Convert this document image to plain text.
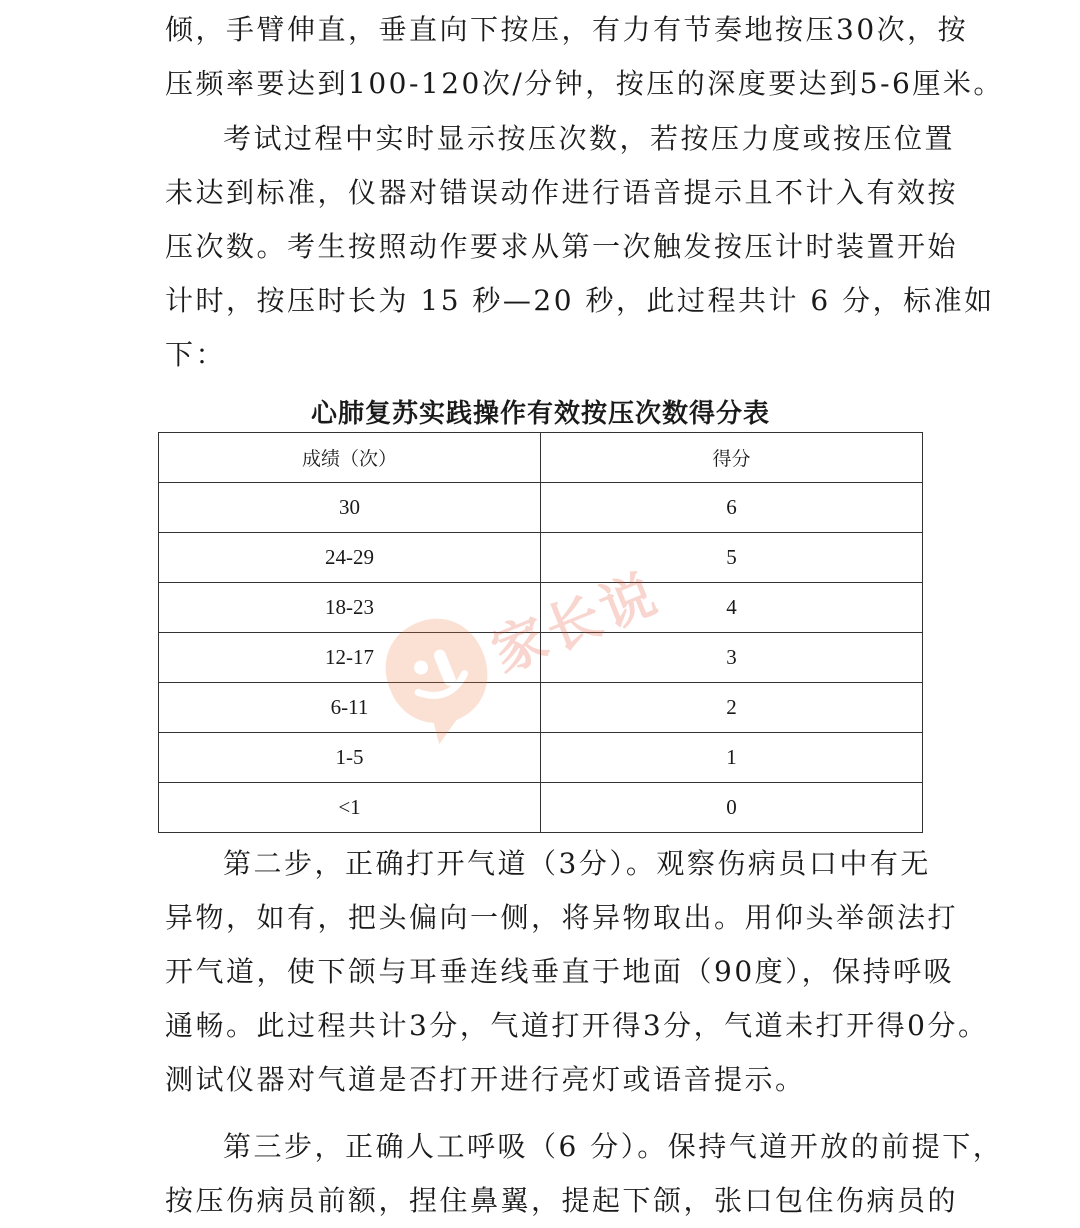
倾，手臂伸直，垂直向下按压，有力有节奏地按压30次，按
压频率要达到100-120次/分钟，按压的深度要达到5-6厘米。
考试过程中实时显示按压次数，若按压力度或按压位置
未达到标准，仪器对错误动作进行语音提示且不计入有效按
压次数。考生按照动作要求从第一次触发按压计时装置开始
计时，按压时长为 15 秒—20 秒，此过程共计 6 分，标准如
下：
心肺复苏实践操作有效按压次数得分表
成绩（次）	得分
30	6
24-29	5
18-23	4
12-17	3
6-11	2
1-5	1
<1	0
第二步，正确打开气道（3分）。观察伤病员口中有无
异物，如有，把头偏向一侧，将异物取出。用仰头举颌法打
开气道，使下颌与耳垂连线垂直于地面（90度），保持呼吸
通畅。此过程共计3分，气道打开得3分，气道未打开得0分。
测试仪器对气道是否打开进行亮灯或语音提示。
第三步，正确人工呼吸（6 分）。保持气道开放的前提下，
按压伤病员前额，捏住鼻翼，提起下颌，张口包住伤病员的
家长说
